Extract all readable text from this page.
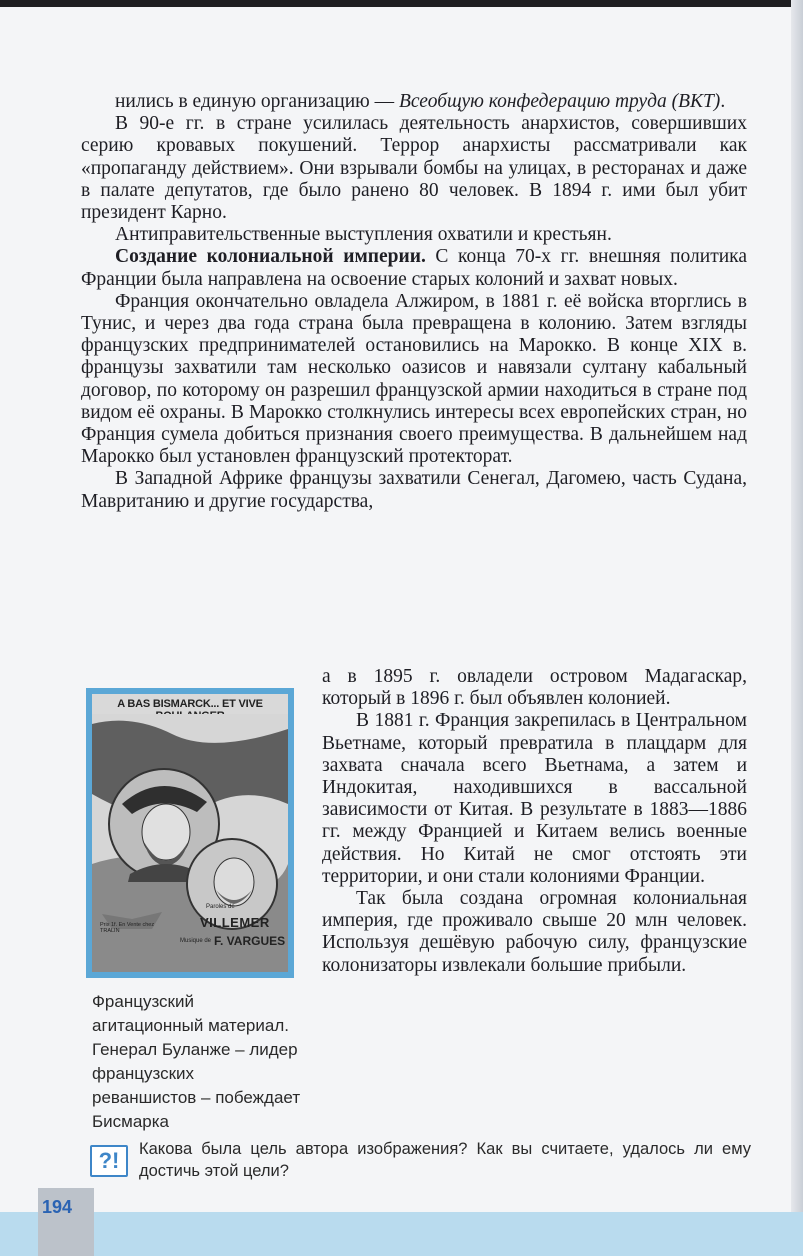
нились в единую организацию — Всеобщую конфедерацию труда (ВКТ).

В 90-е гг. в стране усилилась деятельность анархистов, совершивших серию кровавых покушений. Террор анархисты рассматривали как «пропаганду действием». Они взрывали бомбы на улицах, в ресторанах и даже в палате депутатов, где было ранено 80 человек. В 1894 г. ими был убит президент Карно.

Антиправительственные выступления охватили и крестьян.

Создание колониальной империи. С конца 70-х гг. внешняя политика Франции была направлена на освоение старых колоний и захват новых.

Франция окончательно овладела Алжиром, в 1881 г. её войска вторглись в Тунис, и через два года страна была превращена в колонию. Затем взгляды французских предпринимателей остановились на Марокко. В конце XIX в. французы захватили там несколько оазисов и навязали султану кабальный договор, по которому он разрешил французской армии находиться в стране под видом её охраны. В Марокко столкнулись интересы всех европейских стран, но Франция сумела добиться признания своего преимущества. В дальнейшем над Марокко был установлен французский протекторат.

В Западной Африке французы захватили Сенегал, Дагомею, часть Судана, Мавританию и другие государства,

а в 1895 г. овладели островом Мадагаскар, который в 1896 г. был объявлен колонией.

В 1881 г. Франция закрепилась в Центральном Вьетнаме, который превратила в плацдарм для захвата сначала всего Вьетнама, а затем и Индокитая, находившихся в вассальной зависимости от Китая. В результате в 1883—1886 гг. между Францией и Китаем велись военные действия. Но Китай не смог отстоять эти территории, и они стали колониями Франции.

Так была создана огромная колониальная империя, где проживало свыше 20 млн человек. Используя дешёвую рабочую силу, французские колонизаторы извлекали большие прибыли.

A BAS BISMARCK... ET VIVE
Prix 1f. En Vente chez TRALIN
Paroles de
VILLEMER
Musique de F. VARGUES
Французский агитационный материал. Генерал Буланже – лидер французских реваншистов – побеждает Бисмарка
?!	Какова была цель автора изображения? Как вы считаете, удалось ли ему достичь этой цели?
194
